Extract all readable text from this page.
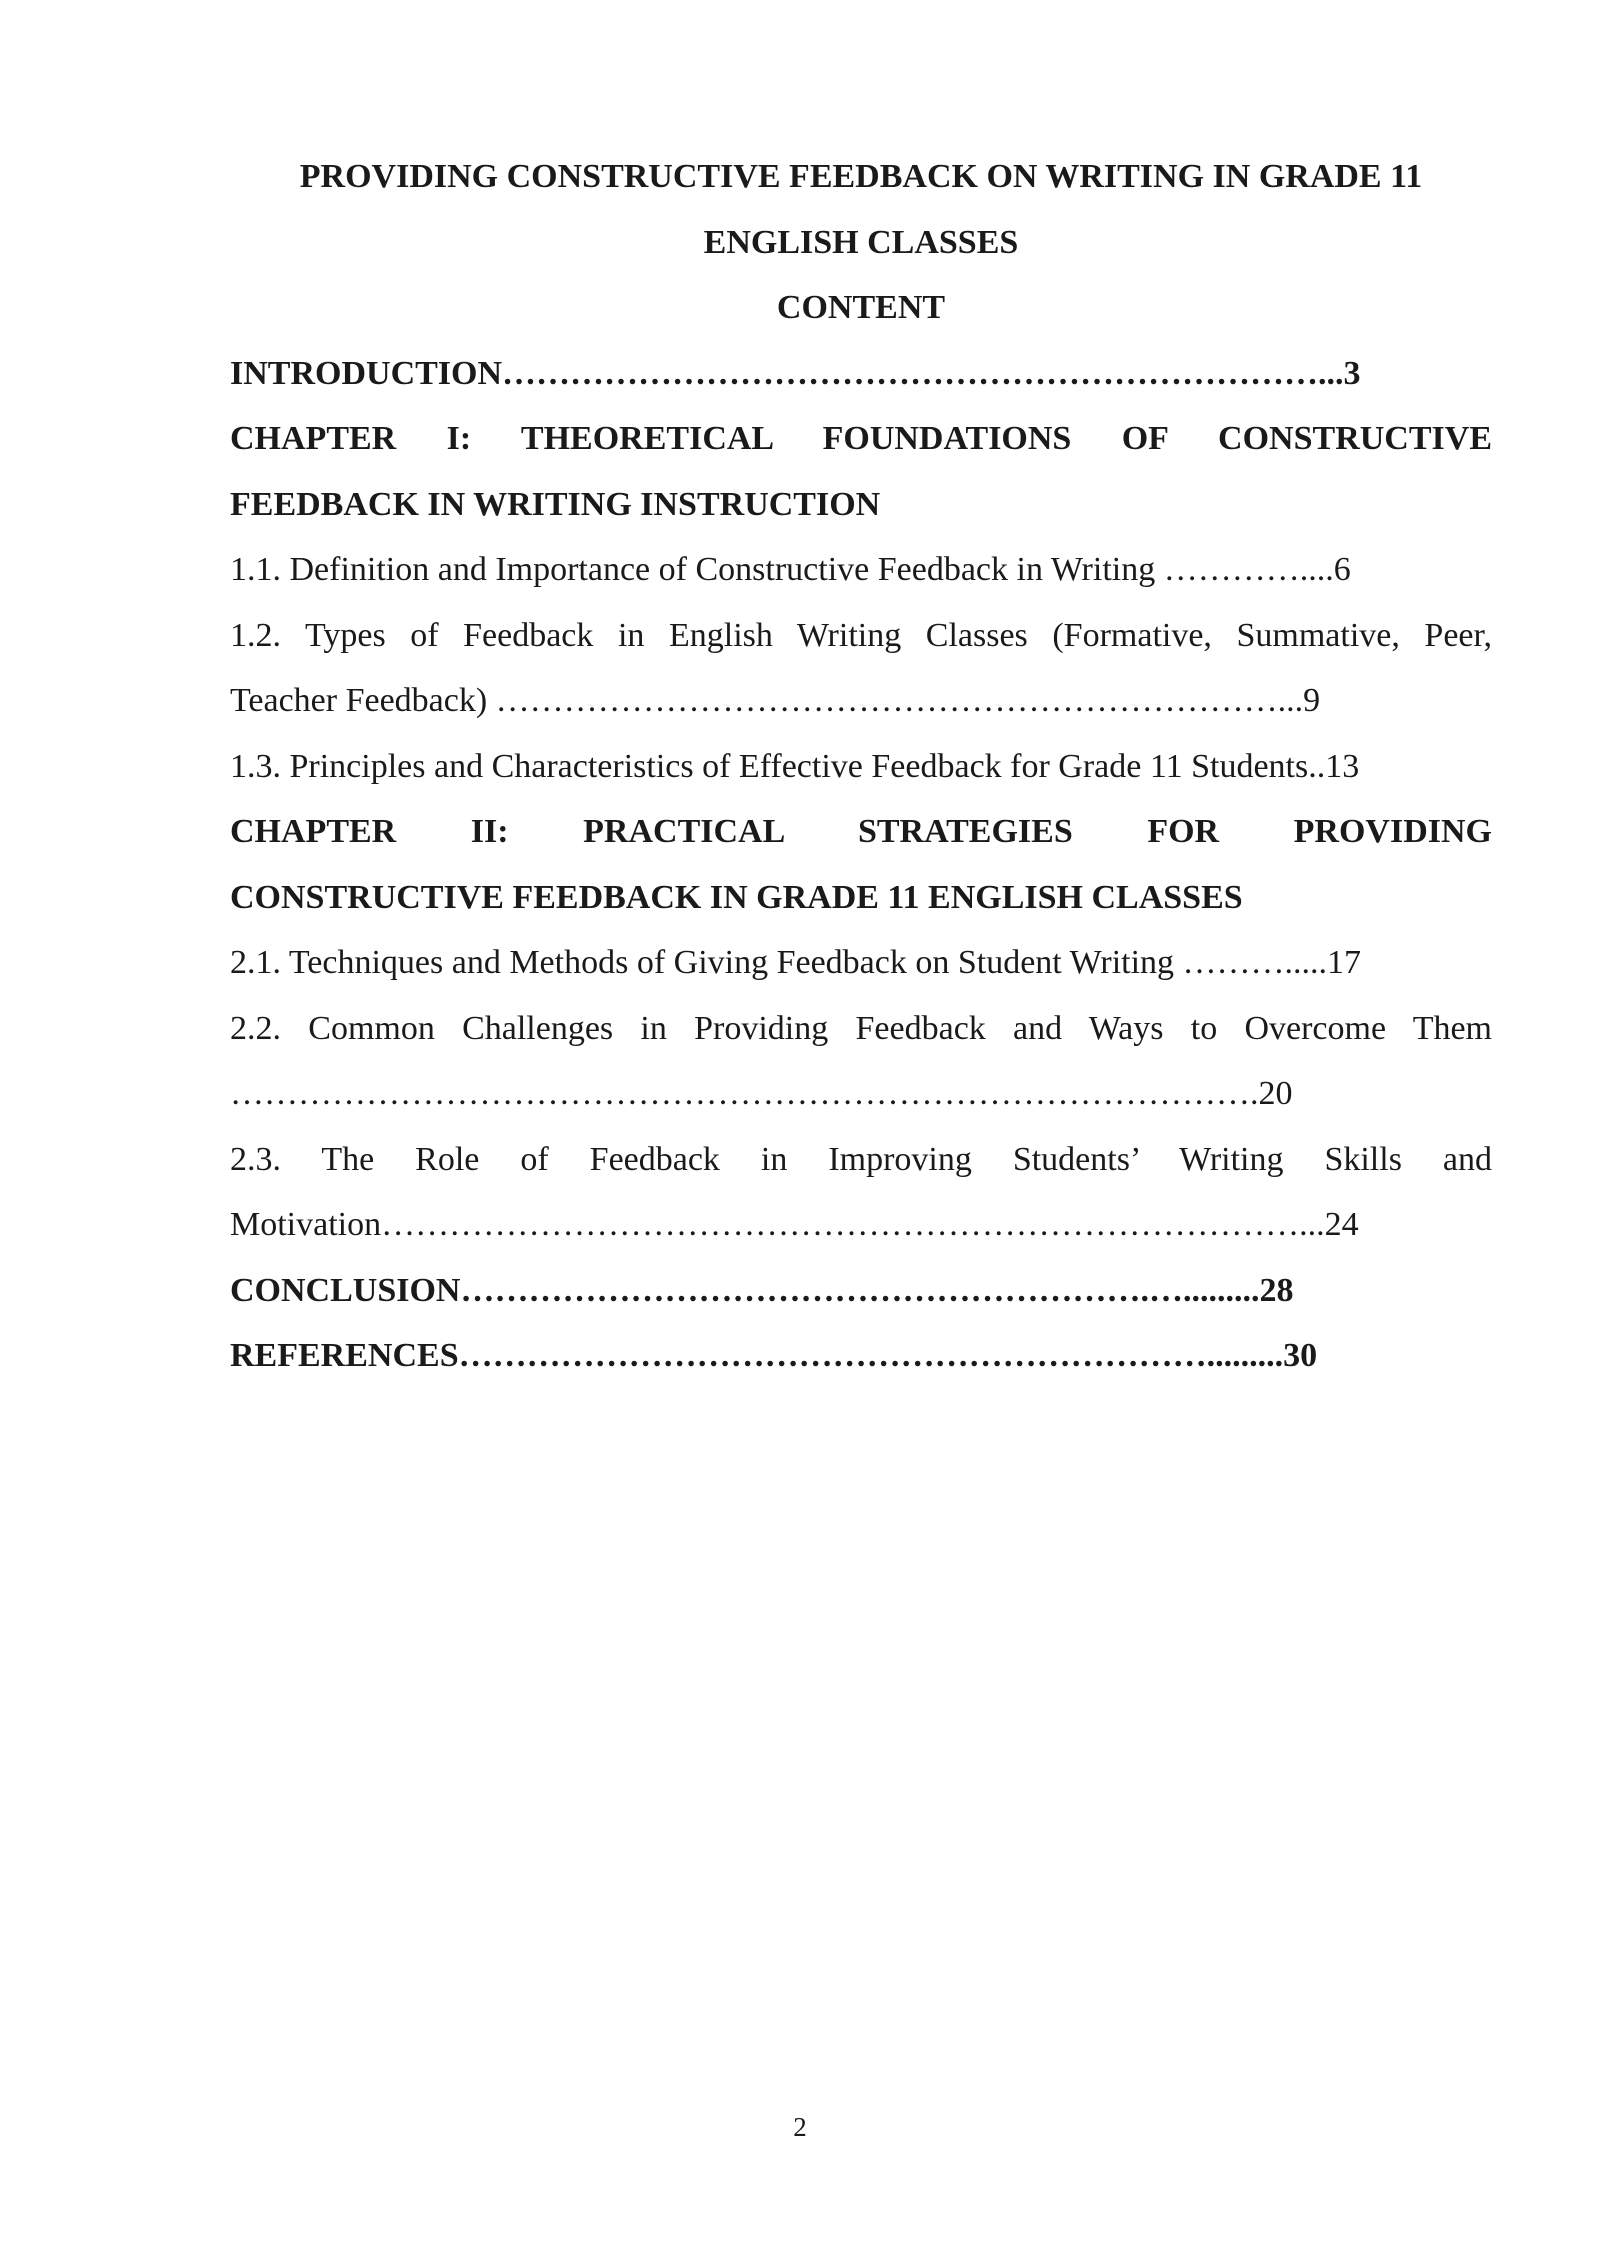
PROVIDING CONSTRUCTIVE FEEDBACK ON WRITING IN GRADE 11
ENGLISH CLASSES
CONTENT
INTRODUCTION………………………………………………………………...3
CHAPTER I: THEORETICAL FOUNDATIONS OF CONSTRUCTIVE
FEEDBACK IN WRITING INSTRUCTION
1.1. Definition and Importance of Constructive Feedback in Writing …………....6
1.2. Types of Feedback in English Writing Classes (Formative, Summative, Peer,
Teacher Feedback) ……………………………………………………………...9
1.3. Principles and Characteristics of Effective Feedback for Grade 11 Students..13
CHAPTER II: PRACTICAL STRATEGIES FOR PROVIDING
CONSTRUCTIVE FEEDBACK IN GRADE 11 ENGLISH CLASSES
2.1. Techniques and Methods of Giving Feedback on Student Writing ……….....17
2.2. Common Challenges in Providing Feedback and Ways to Overcome Them
……………………………………………………………………………….20
2.3. The Role of Feedback in Improving Students’ Writing Skills and
Motivation………………………………………………………………………...24
CONCLUSION…………………………………………………….….........28
REFERENCES………………………………………………………….........30
2
